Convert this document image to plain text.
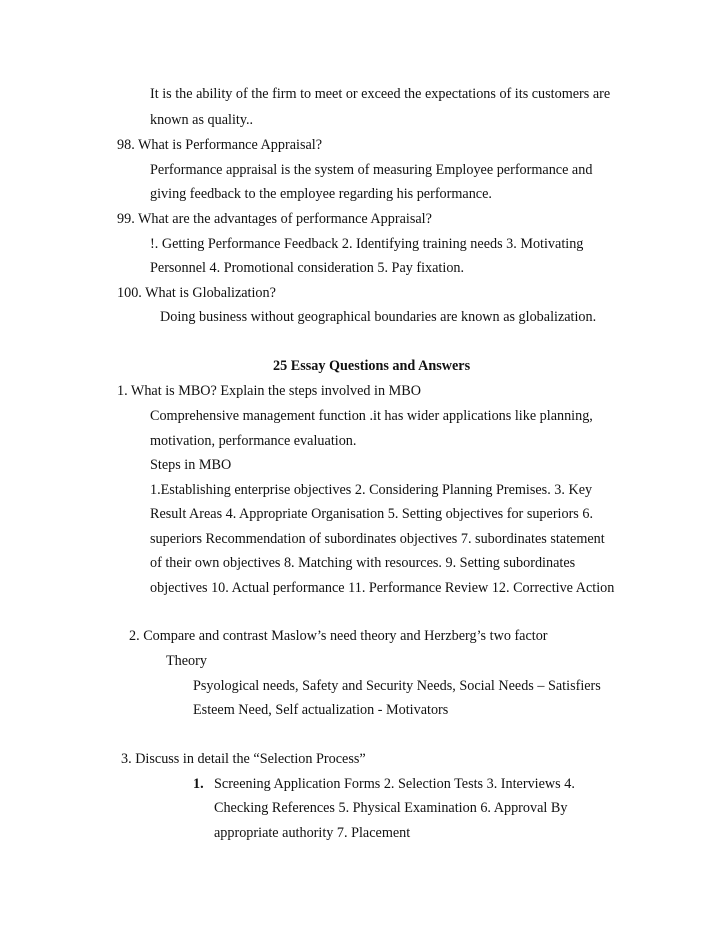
It is the ability of the firm to meet or exceed the expectations of its customers are
known as quality..
98. What is Performance Appraisal?
Performance appraisal is the system of measuring Employee performance and
giving feedback to the employee regarding his performance.
99. What are the advantages of performance Appraisal?
!. Getting Performance Feedback 2. Identifying training needs 3. Motivating
Personnel 4. Promotional consideration 5. Pay fixation.
100. What is Globalization?
Doing business without geographical boundaries are known as globalization.
25 Essay Questions and Answers
1. What is MBO? Explain the steps involved in MBO
Comprehensive management function .it has wider applications like planning,
motivation, performance evaluation.
Steps in MBO
1.Establishing enterprise objectives 2. Considering Planning Premises. 3. Key
Result Areas 4. Appropriate Organisation 5. Setting objectives for superiors 6.
superiors Recommendation of subordinates objectives 7. subordinates statement
of their own objectives 8. Matching with resources. 9. Setting subordinates
objectives 10. Actual performance 11. Performance Review 12. Corrective Action
2. Compare and contrast Maslow’s need theory and Herzberg’s two factor
Theory
Psyological needs, Safety and Security Needs, Social Needs – Satisfiers
Esteem Need, Self actualization - Motivators
3. Discuss in detail the “Selection Process”
1. Screening Application Forms 2. Selection Tests 3. Interviews 4.
Checking References 5. Physical Examination 6. Approval By
appropriate authority 7. Placement
